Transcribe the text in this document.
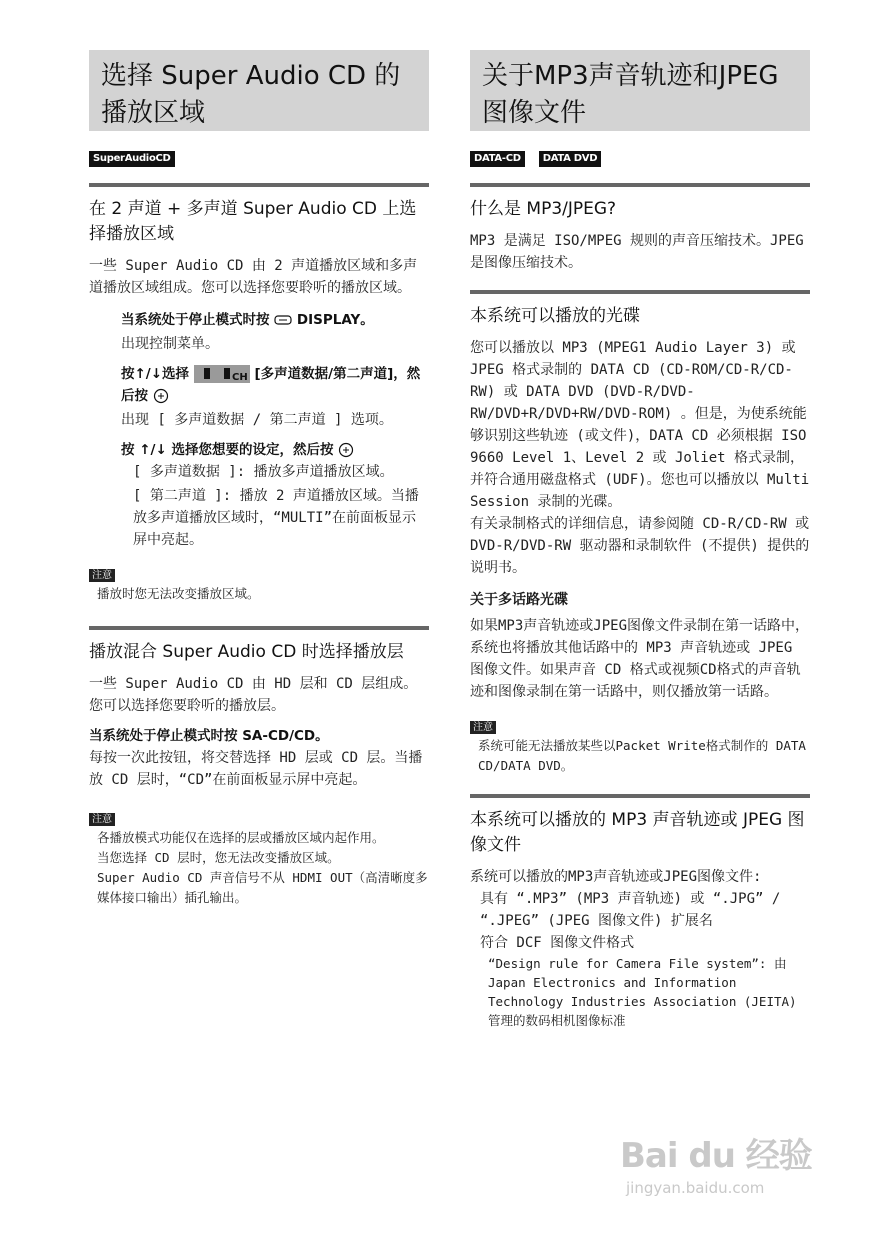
选择 Super Audio CD 的播放区域
SuperAudioCD
在 2 声道 + 多声道 Super Audio CD 上选择播放区域

一些 Super Audio CD 由 2 声道播放区域和多声道播放区域组成。您可以选择您要聆听的播放区域。

当系统处于停止模式时按 DISPLAY。

出现控制菜单。

按↑/↓选择	CH [多声道数据/第二声道]，然后按

出现 [ 多声道数据 / 第二声道 ] 选项。

按 ↑/↓ 选择您想要的设定，然后按

[ 多声道数据 ]: 播放多声道播放区域。

[ 第二声道 ]: 播放 2 声道播放区域。当播放多声道播放区域时，“MULTI”在前面板显示屏中亮起。

注意

播放时您无法改变播放区域。

播放混合 Super Audio CD 时选择播放层

一些 Super Audio CD 由 HD 层和 CD 层组成。您可以选择您要聆听的播放层。

当系统处于停止模式时按 SA-CD/CD。

每按一次此按钮，将交替选择 HD 层或 CD 层。当播放 CD 层时，“CD”在前面板显示屏中亮起。

注意

各播放模式功能仅在选择的层或播放区域内起作用。

当您选择 CD 层时，您无法改变播放区域。

Super Audio CD 声音信号不从 HDMI OUT（高清晰度多媒体接口输出）插孔输出。

关于MP3声音轨迹和JPEG图像文件
DATA-CD	DATA DVD
什么是 MP3/JPEG?

MP3 是满足 ISO/MPEG 规则的声音压缩技术。JPEG 是图像压缩技术。

本系统可以播放的光碟

您可以播放以 MP3 (MPEG1 Audio Layer 3) 或 JPEG 格式录制的 DATA CD (CD-ROM/CD-R/CD-RW) 或 DATA DVD (DVD-R/DVD-RW/DVD+R/DVD+RW/DVD-ROM) 。但是，为使系统能够识别这些轨迹 (或文件)，DATA CD 必须根据 ISO 9660 Level 1、Level 2 或 Joliet 格式录制，并符合通用磁盘格式 (UDF)。您也可以播放以 Multi Session 录制的光碟。

有关录制格式的详细信息，请参阅随 CD-R/CD-RW 或 DVD-R/DVD-RW 驱动器和录制软件 (不提供) 提供的说明书。

关于多话路光碟

如果MP3声音轨迹或JPEG图像文件录制在第一话路中，系统也将播放其他话路中的 MP3 声音轨迹或 JPEG 图像文件。如果声音 CD 格式或视频CD格式的声音轨迹和图像录制在第一话路中，则仅播放第一话路。

注意

系统可能无法播放某些以Packet Write格式制作的 DATA CD/DATA DVD。

本系统可以播放的 MP3 声音轨迹或 JPEG 图像文件

系统可以播放的MP3声音轨迹或JPEG图像文件:

具有 “.MP3” (MP3 声音轨迹) 或 “.JPG” / “.JPEG” (JPEG 图像文件) 扩展名

符合 DCF 图像文件格式

“Design rule for Camera File system”: 由 Japan Electronics and Information Technology Industries Association (JEITA) 管理的数码相机图像标准

Bai du 经验
jingyan.baidu.com
